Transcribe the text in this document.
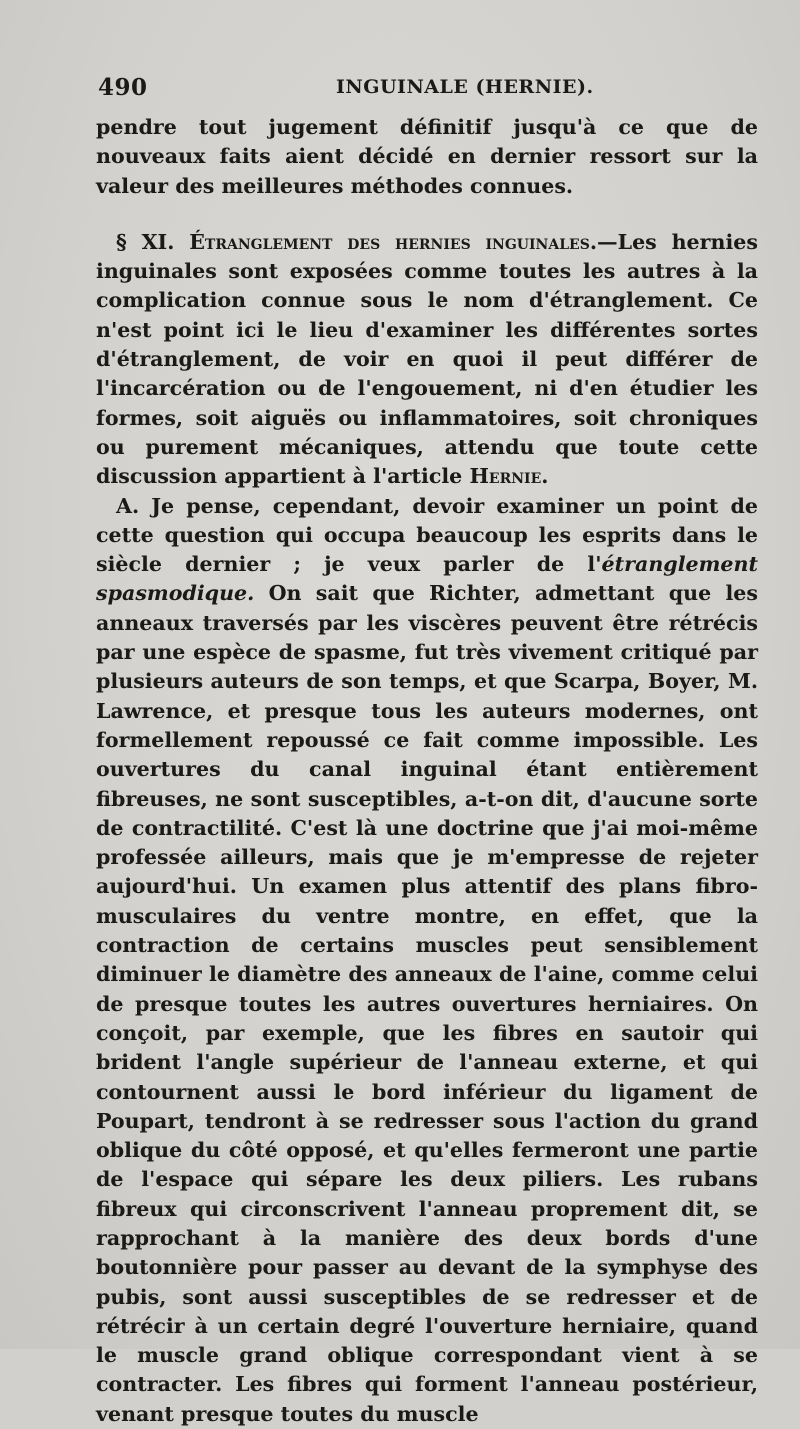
490	INGUINALE (HERNIE).

pendre tout jugement définitif jusqu'à ce que de nouveaux faits aient décidé en dernier ressort sur la valeur des meilleures méthodes connues.

§ XI. Étranglement des hernies inguinales.—Les hernies inguinales sont exposées comme toutes les autres à la complication connue sous le nom d'étranglement. Ce n'est point ici le lieu d'examiner les différentes sortes d'étranglement, de voir en quoi il peut différer de l'incarcération ou de l'engouement, ni d'en étudier les formes, soit aiguës ou inflammatoires, soit chroniques ou purement mécaniques, attendu que toute cette discussion appartient à l'article Hernie.

A. Je pense, cependant, devoir examiner un point de cette question qui occupa beaucoup les esprits dans le siècle dernier ; je veux parler de l'étranglement spasmodique. On sait que Richter, admettant que les anneaux traversés par les viscères peuvent être rétrécis par une espèce de spasme, fut très vivement critiqué par plusieurs auteurs de son temps, et que Scarpa, Boyer, M. Lawrence, et presque tous les auteurs modernes, ont formellement repoussé ce fait comme impossible. Les ouvertures du canal inguinal étant entièrement fibreuses, ne sont susceptibles, a-t-on dit, d'aucune sorte de contractilité. C'est là une doctrine que j'ai moi-même professée ailleurs, mais que je m'empresse de rejeter aujourd'hui. Un examen plus attentif des plans fibro-musculaires du ventre montre, en effet, que la contraction de certains muscles peut sensiblement diminuer le diamètre des anneaux de l'aine, comme celui de presque toutes les autres ouvertures herniaires. On conçoit, par exemple, que les fibres en sautoir qui brident l'angle supérieur de l'anneau externe, et qui contournent aussi le bord inférieur du ligament de Poupart, tendront à se redresser sous l'action du grand oblique du côté opposé, et qu'elles fermeront une partie de l'espace qui sépare les deux piliers. Les rubans fibreux qui circonscrivent l'anneau proprement dit, se rapprochant à la manière des deux bords d'une boutonnière pour passer au devant de la symphyse des pubis, sont aussi susceptibles de se redresser et de rétrécir à un certain degré l'ouverture herniaire, quand le muscle grand oblique correspondant vient à se contracter. Les fibres qui forment l'anneau postérieur, venant presque toutes du muscle
